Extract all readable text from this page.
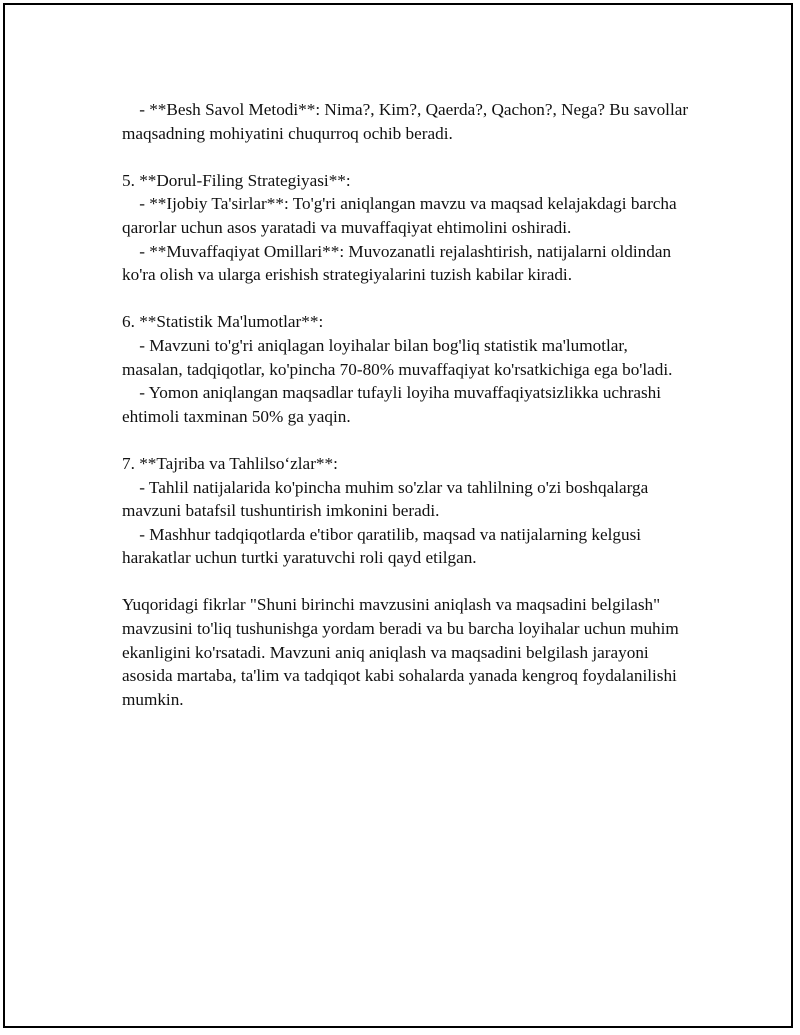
- **Besh Savol Metodi**: Nima?, Kim?, Qaerda?, Qachon?, Nega? Bu savollar maqsadning mohiyatini chuqurroq ochib beradi.

5. **Dorul-Filing Strategiyasi**:

- **Ijobiy Ta'sirlar**: To'g'ri aniqlangan mavzu va maqsad kelajakdagi barcha qarorlar uchun asos yaratadi va muvaffaqiyat ehtimolini oshiradi.

- **Muvaffaqiyat Omillari**: Muvozanatli rejalashtirish, natijalarni oldindan ko'ra olish va ularga erishish strategiyalarini tuzish kabilar kiradi.

6. **Statistik Ma'lumotlar**:

- Mavzuni to'g'ri aniqlagan loyihalar bilan bog'liq statistik ma'lumotlar, masalan, tadqiqotlar, ko'pincha 70-80% muvaffaqiyat ko'rsatkichiga ega bo'ladi.

- Yomon aniqlangan maqsadlar tufayli loyiha muvaffaqiyatsizlikka uchrashi ehtimoli taxminan 50% ga yaqin.

7. **Tajriba va Tahlilso‘zlar**:

- Tahlil natijalarida ko'pincha muhim so'zlar va tahlilning o'zi boshqalarga mavzuni batafsil tushuntirish imkonini beradi.

- Mashhur tadqiqotlarda e'tibor qaratilib, maqsad va natijalarning kelgusi harakatlar uchun turtki yaratuvchi roli qayd etilgan.

Yuqoridagi fikrlar "Shuni birinchi mavzusini aniqlash va maqsadini belgilash" mavzusini to'liq tushunishga yordam beradi va bu barcha loyihalar uchun muhim ekanligini ko'rsatadi. Mavzuni aniq aniqlash va maqsadini belgilash jarayoni asosida martaba, ta'lim va tadqiqot kabi sohalarda yanada kengroq foydalanilishi mumkin.
